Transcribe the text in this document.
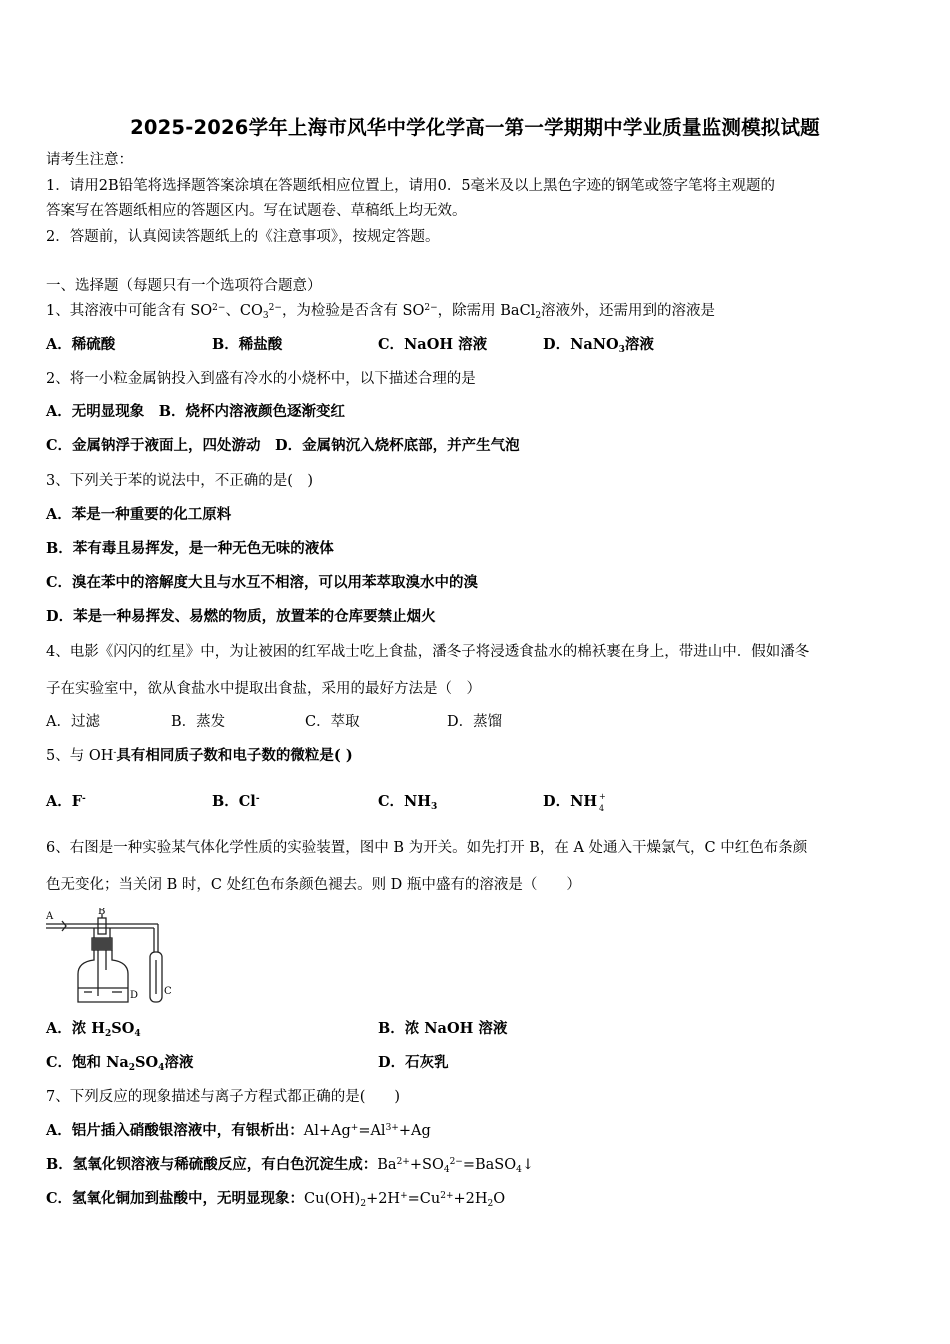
2025-2026学年上海市风华中学化学高一第一学期期中学业质量监测模拟试题
请考生注意：
1．请用2B铅笔将选择题答案涂填在答题纸相应位置上，请用0．5毫米及以上黑色字迹的钢笔或签字笔将主观题的
答案写在答题纸相应的答题区内。写在试题卷、草稿纸上均无效。
2．答题前，认真阅读答题纸上的《注意事项》，按规定答题。
一、选择题（每题只有一个选项符合题意）
1、其溶液中可能含有 $SO^{2-}$、$CO_3^{2-}$，为检验是否含有 $SO^{2-}$，除需用 BaCl$_2$溶液外，还需用到的溶液是
A．稀硫酸	B．稀盐酸	C．NaOH 溶液	D．NaNO$_3$溶液
2、将一小粒金属钠投入到盛有冷水的小烧杯中，以下描述合理的是
A．无明显现象　B．烧杯内溶液颜色逐渐变红
C．金属钠浮于液面上，四处游动　D．金属钠沉入烧杯底部，并产生气泡
3、下列关于苯的说法中，不正确的是(　)
A．苯是一种重要的化工原料
B．苯有毒且易挥发，是一种无色无味的液体
C．溴在苯中的溶解度大且与水互不相溶，可以用苯萃取溴水中的溴
D．苯是一种易挥发、易燃的物质，放置苯的仓库要禁止烟火
4、电影《闪闪的红星》中，为让被困的红军战士吃上食盐，潘冬子将浸透食盐水的棉袄裹在身上，带进山中．假如潘冬
子在实验室中，欲从食盐水中提取出食盐，采用的最好方法是（　）
A．过滤	B．蒸发	C．萃取	D．蒸馏
5、与 OH-具有相同质子数和电子数的微粒是( )
A．F-	B．Cl-	C．$NH_3$	D．NH +
4
6、右图是一种实验某气体化学性质的实验装置，图中 B 为开关。如先打开 B，在 A 处通入干燥氯气，C 中红色布条颜
色无变化；当关闭 B 时，C 处红色布条颜色褪去。则 D 瓶中盛有的溶液是（　　）
A	B
C
D
A．浓 $H_2SO_4$	B．浓 NaOH 溶液
C．饱和 $Na_2SO_4$溶液	D．石灰乳
7、下列反应的现象描述与离子方程式都正确的是(　　)
A．铝片插入硝酸银溶液中，有银析出：$Al+Ag^+=Al^{3+}+Ag$
B．氢氧化钡溶液与稀硫酸反应，有白色沉淀生成：$Ba^{2+}+SO_4^{2-}=BaSO_4↓$
C．氢氧化铜加到盐酸中，无明显现象：$Cu(OH)_2+2H^+=Cu^{2+}+2H_2O$
